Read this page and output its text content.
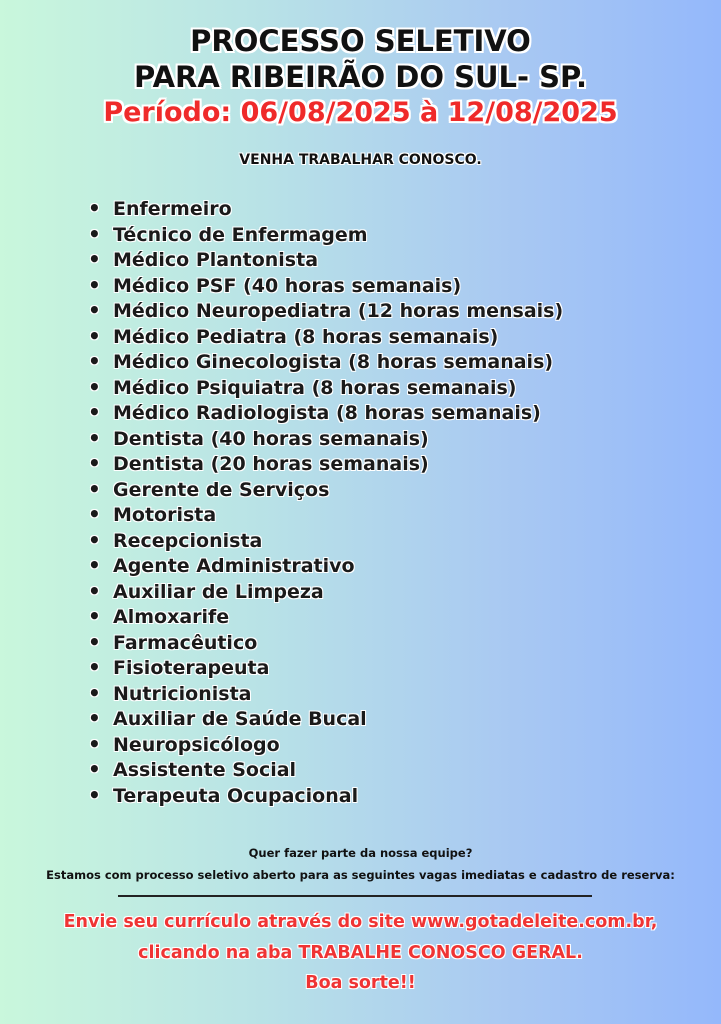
PROCESSO SELETIVO
PARA RIBEIRÃO DO SUL- SP.
Período: 06/08/2025 à 12/08/2025
VENHA TRABALHAR CONOSCO.
• Enfermeiro
• Técnico de Enfermagem
• Médico Plantonista
• Médico PSF (40 horas semanais)
• Médico Neuropediatra (12 horas mensais)
• Médico Pediatra (8 horas semanais)
• Médico Ginecologista (8 horas semanais)
• Médico Psiquiatra (8 horas semanais)
• Médico Radiologista (8 horas semanais)
• Dentista (40 horas semanais)
• Dentista (20 horas semanais)
• Gerente de Serviços
• Motorista
• Recepcionista
• Agente Administrativo
• Auxiliar de Limpeza
• Almoxarife
• Farmacêutico
• Fisioterapeuta
• Nutricionista
• Auxiliar de Saúde Bucal
• Neuropsicólogo
• Assistente Social
• Terapeuta Ocupacional
Quer fazer parte da nossa equipe?
Estamos com processo seletivo aberto para as seguintes vagas imediatas e cadastro de reserva:
Envie seu currículo através do site www.gotadeleite.com.br,
clicando na aba TRABALHE CONOSCO GERAL.
Boa sorte!!
